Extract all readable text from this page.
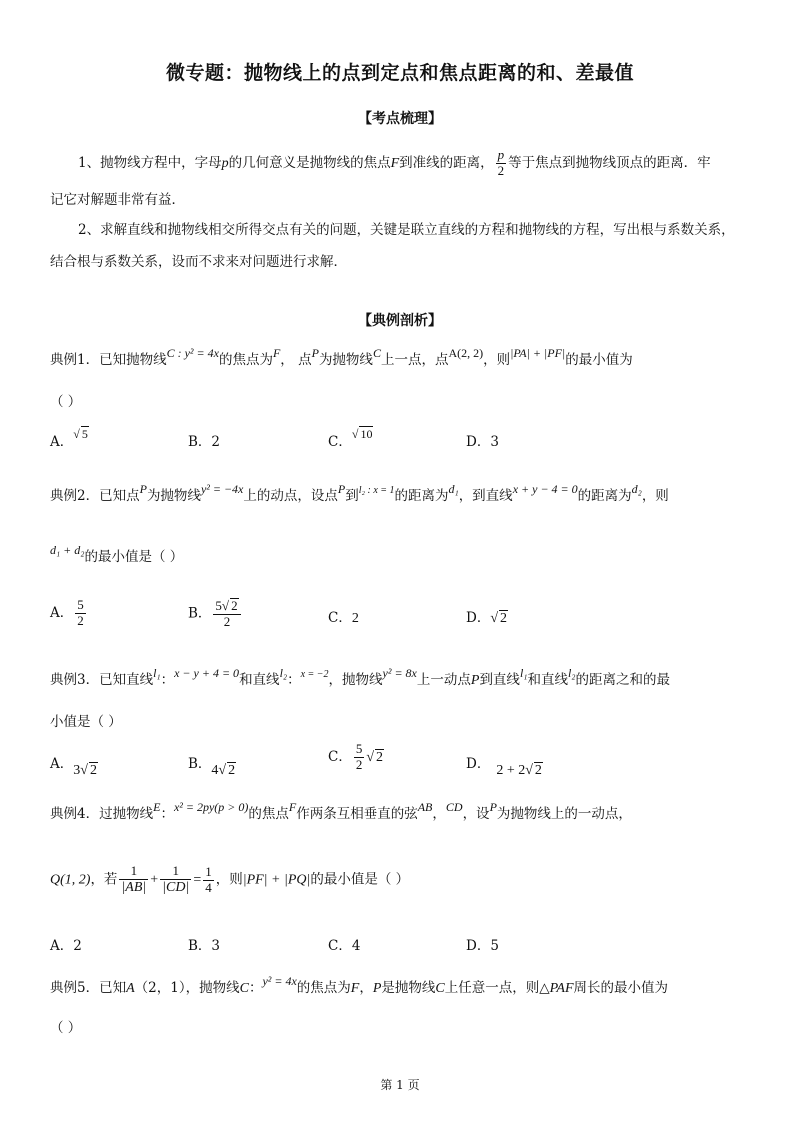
微专题：抛物线上的点到定点和焦点距离的和、差最值
【考点梳理】
1、抛物线方程中，字母p的几何意义是抛物线的焦点F到准线的距离， $\frac{p}{2}$ 等于焦点到抛物线顶点的距离．牢
记它对解题非常有益．
2、求解直线和抛物线相交所得交点有关的问题，关键是联立直线的方程和抛物线的方程，写出根与系数关系，
结合根与系数关系，设而不求来对问题进行求解．
【典例剖析】
典例1．已知抛物线C : y² = 4x的焦点为F， 点P为抛物线C上一点，点A(2, 2)，则|PA| + |PF|的最小值为
（ ）
A．√ 5	B．2	C．√ 10	D．3
典例2．已知点P为抛物线y² = −4x上的动点，设点P到$^{l_2 : x = 1}$的距离为d₁，到直线x + y − 4 = 0的距离为d₂，则
d₁ + d₂的最小值是（ ）
A． $\frac{5}{2}$	B． $\frac{5√ 2}{2}$	C．2	D．√ 2
典例3．已知直线l₁：x − y + 4 = 0和直线l₂：$^{x = -2}$，抛物线y² = 8x上一动点P到直线l₁和直线l₂的距离之和的最
小值是（ ）
A．3√ 2	B．4√ 2
C． $\frac{5}{2}$ √ 2	D． 2 + 2√ 2
典例4．过抛物线E：x² = 2py(p > 0)的焦点F作两条互相垂直的弦AB，CD，设P为抛物线上的一动点，
Q(1, 2)，若 $\frac{1}{|AB|} + \frac{1}{|CD|} = \frac{1}{4}$ ，则|PF| + |PQ|的最小值是（ ）
A．2	B．3	C．4	D．5
典例5．已知A（2，1），抛物线C：y² = 4x的焦点为F，P是抛物线C上任意一点，则△PAF周长的最小值为
（ ）
第 1 页
